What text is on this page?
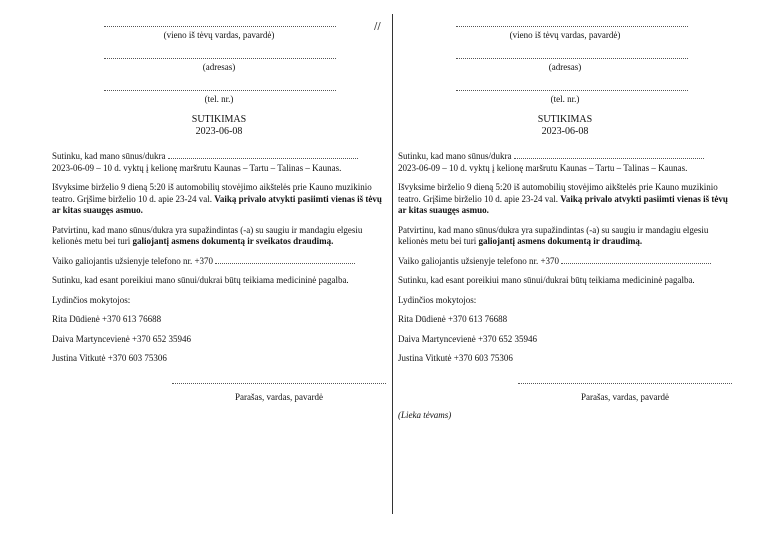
//
(vieno iš tėvų vardas, pavardė)
(adresas)
(tel. nr.)
SUTIKIMAS
2023-06-08
Sutinku, kad mano sūnus/dukra
2023-06-09 – 10 d. vyktų į kelionę maršrutu Kaunas – Tartu – Talinas – Kaunas.
Išvyksime birželio 9 dieną 5:20 iš automobilių stovėjimo aikštelės prie Kauno muzikinio teatro. Grįšime birželio 10 d. apie 23-24 val. Vaiką privalo atvykti pasiimti vienas iš tėvų ar kitas suaugęs asmuo.
Patvirtinu, kad mano sūnus/dukra yra supažindintas (-a) su saugiu ir mandagiu elgesiu kelionės metu bei turi galiojantį asmens dokumentą ir sveikatos draudimą.
Vaiko galiojantis užsienyje telefono nr. +370
Sutinku, kad esant poreikiui mano sūnui/dukrai būtų teikiama medicininė pagalba.
Lydinčios mokytojos:
Rita Dūdienė +370 613 76688
Daiva Martyncevienė +370 652 35946
Justina Vitkutė +370 603 75306
Parašas, vardas, pavardė
(vieno iš tėvų vardas, pavardė)
(adresas)
(tel. nr.)
SUTIKIMAS
2023-06-08
Sutinku, kad mano sūnus/dukra
2023-06-09 – 10 d. vyktų į kelionę maršrutu Kaunas – Tartu – Talinas – Kaunas.
Išvyksime birželio 9 dieną 5:20 iš automobilių stovėjimo aikštelės prie Kauno muzikinio teatro. Grįšime birželio 10 d. apie 23-24 val. Vaiką privalo atvykti pasiimti vienas iš tėvų ar kitas suaugęs asmuo.
Patvirtinu, kad mano sūnus/dukra yra supažindintas (-a) su saugiu ir mandagiu elgesiu kelionės metu bei turi galiojantį asmens dokumentą ir draudimą.
Vaiko galiojantis užsienyje telefono nr. +370
Sutinku, kad esant poreikiui mano sūnui/dukrai būtų teikiama medicininė pagalba.
Lydinčios mokytojos:
Rita Dūdienė +370 613 76688
Daiva Martyncevienė +370 652 35946
Justina Vitkutė +370 603 75306
Parašas, vardas, pavardė
(Lieka tėvams)
